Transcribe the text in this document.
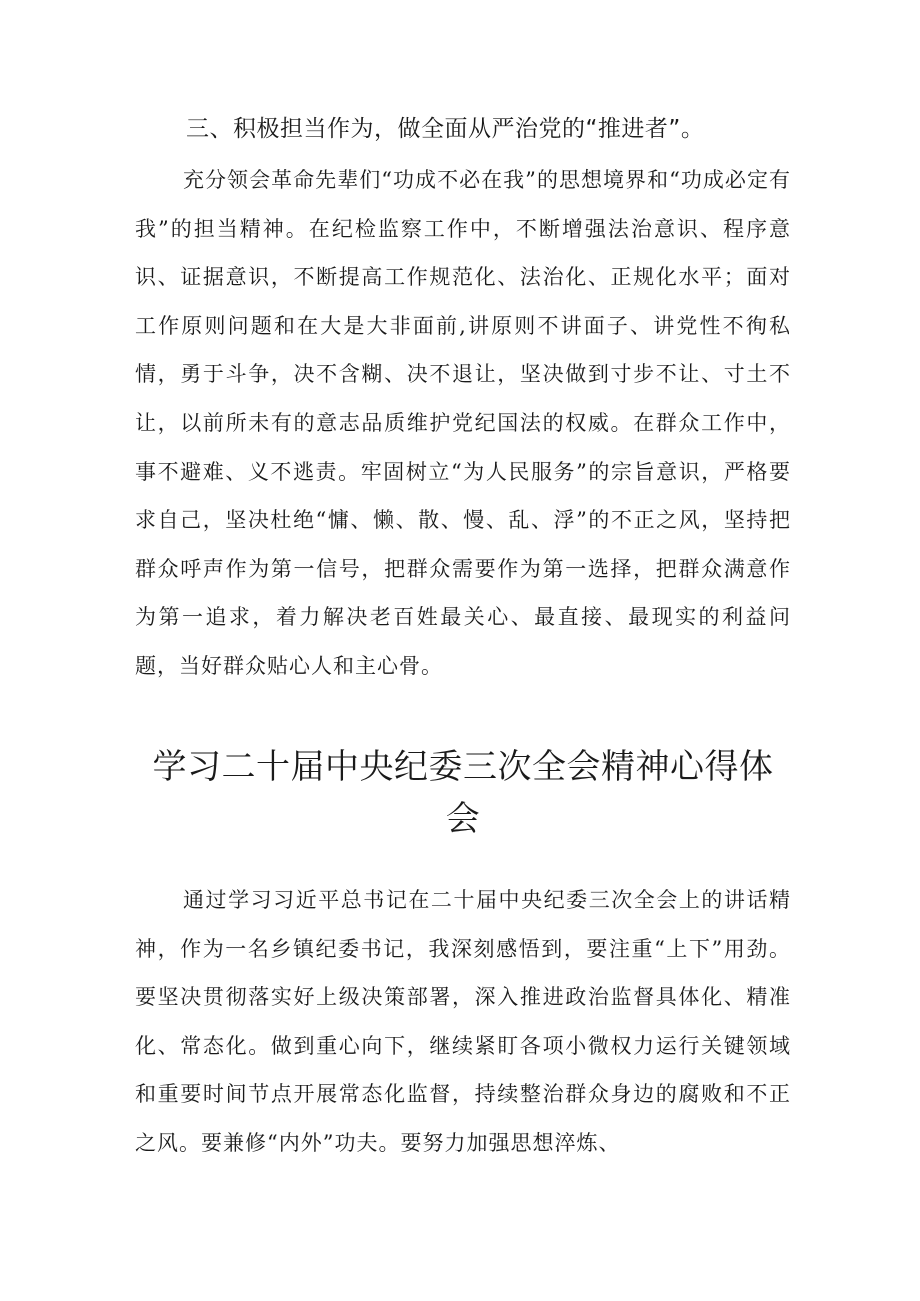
三、积极担当作为，做全面从严治党的“推进者”。

充分领会革命先辈们“功成不必在我”的思想境界和“功成必定有我”的担当精神。在纪检监察工作中，不断增强法治意识、程序意识、证据意识，不断提高工作规范化、法治化、正规化水平；面对工作原则问题和在大是大非面前,讲原则不讲面子、讲党性不徇私情，勇于斗争，决不含糊、决不退让，坚决做到寸步不让、寸土不让，以前所未有的意志品质维护党纪国法的权威。在群众工作中，事不避难、义不逃责。牢固树立“为人民服务”的宗旨意识，严格要求自己，坚决杜绝“慵、懒、散、慢、乱、浮”的不正之风，坚持把群众呼声作为第一信号，把群众需要作为第一选择，把群众满意作为第一追求，着力解决老百姓最关心、最直接、最现实的利益问题，当好群众贴心人和主心骨。

学习二十届中央纪委三次全会精神心得体
会

通过学习习近平总书记在二十届中央纪委三次全会上的讲话精神，作为一名乡镇纪委书记，我深刻感悟到，要注重“上下”用劲。要坚决贯彻落实好上级决策部署，深入推进政治监督具体化、精准化、常态化。做到重心向下，继续紧盯各项小微权力运行关键领域和重要时间节点开展常态化监督，持续整治群众身边的腐败和不正之风。要兼修“内外”功夫。要努力加强思想淬炼、
